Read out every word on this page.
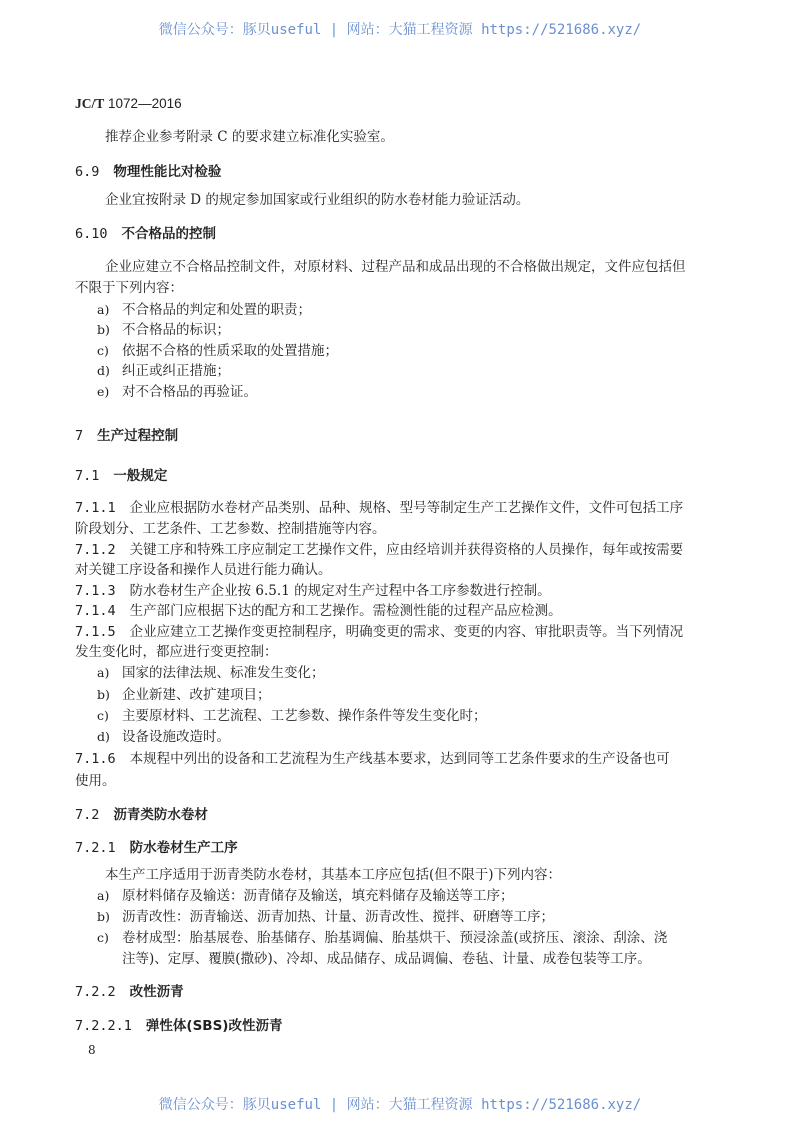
微信公众号：豚贝useful | 网站：大猫工程资源 https://521686.xyz/
JC/T 1072—2016
推荐企业参考附录 C 的要求建立标准化实验室。
6.9 物理性能比对检验
企业宜按附录 D 的规定参加国家或行业组织的防水卷材能力验证活动。
6.10 不合格品的控制
企业应建立不合格品控制文件，对原材料、过程产品和成品出现的不合格做出规定，文件应包括但
不限于下列内容：
a) 不合格品的判定和处置的职责；
b) 不合格品的标识；
c) 依据不合格的性质采取的处置措施；
d) 纠正或纠正措施；
e) 对不合格品的再验证。
7 生产过程控制
7.1 一般规定
7.1.1 企业应根据防水卷材产品类别、品种、规格、型号等制定生产工艺操作文件，文件可包括工序
阶段划分、工艺条件、工艺参数、控制措施等内容。
7.1.2 关键工序和特殊工序应制定工艺操作文件，应由经培训并获得资格的人员操作，每年或按需要
对关键工序设备和操作人员进行能力确认。
7.1.3 防水卷材生产企业按 6.5.1 的规定对生产过程中各工序参数进行控制。
7.1.4 生产部门应根据下达的配方和工艺操作。需检测性能的过程产品应检测。
7.1.5 企业应建立工艺操作变更控制程序，明确变更的需求、变更的内容、审批职责等。当下列情况
发生变化时，都应进行变更控制：
a) 国家的法律法规、标准发生变化；
b) 企业新建、改扩建项目；
c) 主要原材料、工艺流程、工艺参数、操作条件等发生变化时；
d) 设备设施改造时。
7.1.6 本规程中列出的设备和工艺流程为生产线基本要求，达到同等工艺条件要求的生产设备也可
使用。
7.2 沥青类防水卷材
7.2.1 防水卷材生产工序
本生产工序适用于沥青类防水卷材，其基本工序应包括(但不限于)下列内容：
a) 原材料储存及输送：沥青储存及输送，填充料储存及输送等工序；
b) 沥青改性：沥青输送、沥青加热、计量、沥青改性、搅拌、研磨等工序；
c) 卷材成型：胎基展卷、胎基储存、胎基调偏、胎基烘干、预浸涂盖(或挤压、滚涂、刮涂、浇
注等)、定厚、覆膜(撒砂)、冷却、成品储存、成品调偏、卷毡、计量、成卷包装等工序。
7.2.2 改性沥青
7.2.2.1 弹性体(SBS)改性沥青
8
微信公众号：豚贝useful | 网站：大猫工程资源 https://521686.xyz/
